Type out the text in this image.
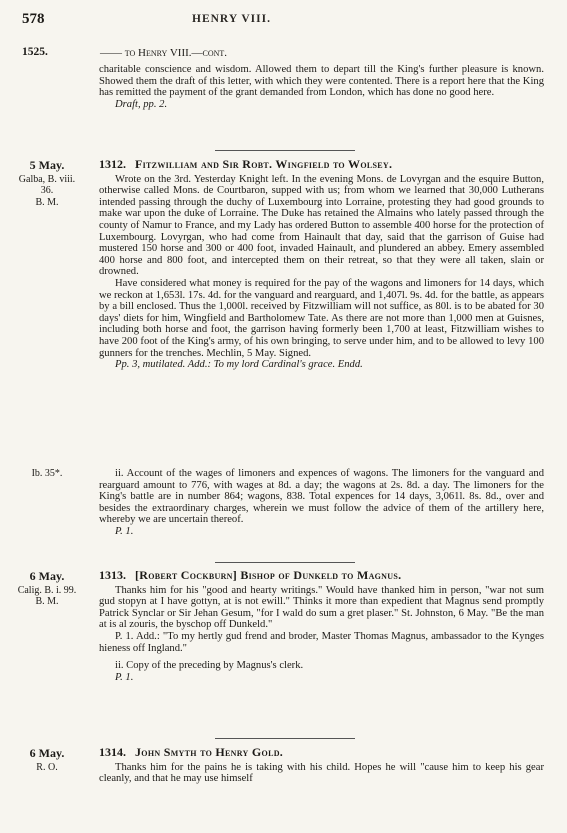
578	HENRY VIII.
1525.	—— to Henry VIII.—cont.

charitable conscience and wisdom. Allowed them to depart till the King's further pleasure is known. Showed them the draft of this letter, with which they were contented. There is a report here that the King has remitted the payment of the grant demanded from London, which has done no good here.

Draft, pp. 2.

5 May.
Galba, B. viii.
36.
B. M.
1312. Fitzwilliam and Sir Robt. Wingfield to Wolsey.

Wrote on the 3rd. Yesterday Knight left. In the evening Mons. de Lovyrgan and the esquire Button, otherwise called Mons. de Courtbaron, supped with us; from whom we learned that 30,000 Lutherans intended passing through the duchy of Luxembourg into Lorraine, protesting they had good grounds to make war upon the duke of Lorraine. The Duke has retained the Almains who lately passed through the county of Namur to France, and my Lady has ordered Button to assemble 400 horse for the protection of Luxembourg. Lovyrgan, who had come from Hainault that day, said that the garrison of Guise had mustered 150 horse and 300 or 400 foot, invaded Hainault, and plundered an abbey. Emery assembled 400 horse and 800 foot, and intercepted them on their retreat, so that they were all taken, slain or drowned.

Have considered what money is required for the pay of the wagons and limoners for 14 days, which we reckon at 1,653l. 17s. 4d. for the vanguard and rearguard, and 1,407l. 9s. 4d. for the battle, as appears by a bill enclosed. Thus the 1,000l. received by Fitzwilliam will not suffice, as 80l. is to be abated for 30 days' diets for him, Wingfield and Bartholomew Tate. As there are not more than 1,000 men at Guisnes, including both horse and foot, the garrison having formerly been 1,700 at least, Fitzwilliam wishes to have 200 foot of the King's army, of his own bringing, to serve under him, and to be allowed to levy 100 gunners for the trenches. Mechlin, 5 May. Signed.

Pp. 3, mutilated. Add.: To my lord Cardinal's grace. Endd.

Ib. 35*.	ii. Account of the wages of limoners and expences of wagons. The limoners for the vanguard and rearguard amount to 776, with wages at 8d. a day; the wagons at 2s. 8d. a day. The limoners for the King's battle are in number 864; wagons, 838. Total expences for 14 days, 3,061l. 8s. 8d., over and besides the extraordinary charges, wherein we must follow the advice of them of the artillery here, whereby we are uncertain thereof.

P. 1.

6 May.
Calig. B. i. 99.
B. M.
1313. [Robert Cockburn] Bishop of Dunkeld to Magnus.

Thanks him for his "good and hearty writings." Would have thanked him in person, "war not sum gud stopyn at I have gottyn, at is not ewill." Thinks it more than expedient that Magnus send promptly Patrick Synclar or Sir Jehan Gesum, "for I wald do sum a gret plaser." St. Johnston, 6 May. "Be the man at is al zouris, the byschop off Dunkeld."

P. 1. Add.: "To my hertly gud frend and broder, Master Thomas Magnus, ambassador to the Kynges hieness off Ingland."

ii. Copy of the preceding by Magnus's clerk.

P. 1.

6 May.
R. O.
1314. John Smyth to Henry Gold.

Thanks him for the pains he is taking with his child. Hopes he will "cause him to keep his gear cleanly, and that he may use himself
